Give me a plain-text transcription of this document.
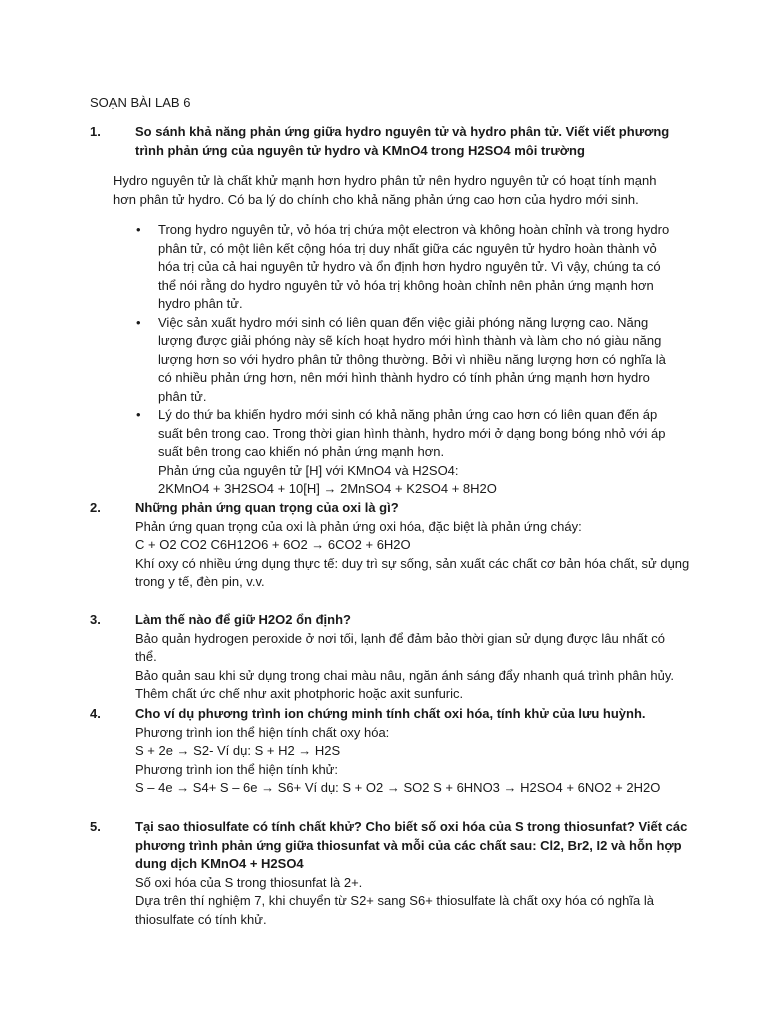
SOẠN BÀI LAB 6
1.	So sánh khả năng phản ứng giữa hydro nguyên tử và hydro phân tử. Viết viết phương trình phản ứng của nguyên tử hydro và KMnO4 trong H2SO4 môi trường
Hydro nguyên tử là chất khử mạnh hơn hydro phân tử nên hydro nguyên tử có hoạt tính mạnh hơn phân tử hydro. Có ba lý do chính cho khả năng phản ứng cao hơn của hydro mới sinh.
• Trong hydro nguyên tử, vỏ hóa trị chứa một electron và không hoàn chỉnh và trong hydro phân tử, có một liên kết cộng hóa trị duy nhất giữa các nguyên tử hydro hoàn thành vỏ hóa trị của cả hai nguyên tử hydro và ổn định hơn hydro nguyên tử. Vì vậy, chúng ta có thể nói rằng do hydro nguyên tử vỏ hóa trị không hoàn chỉnh nên phản ứng mạnh hơn hydro phân tử.
• Việc sản xuất hydro mới sinh có liên quan đến việc giải phóng năng lượng cao. Năng lượng được giải phóng này sẽ kích hoạt hydro mới hình thành và làm cho nó giàu năng lượng hơn so với hydro phân tử thông thường. Bởi vì nhiều năng lượng hơn có nghĩa là có nhiều phản ứng hơn, nên mới hình thành hydro có tính phản ứng mạnh hơn hydro phân tử.
• Lý do thứ ba khiến hydro mới sinh có khả năng phản ứng cao hơn có liên quan đến áp suất bên trong cao. Trong thời gian hình thành, hydro mới ở dạng bong bóng nhỏ với áp suất bên trong cao khiến nó phản ứng mạnh hơn.
Phản ứng của nguyên tử [H] với KMnO4 và H2SO4:
2KMnO4 + 3H2SO4 + 10[H] → 2MnSO4 + K2SO4 + 8H2O
2.	Những phản ứng quan trọng của oxi là gì?
Phản ứng quan trọng của oxi là phản ứng oxi hóa, đặc biệt là phản ứng cháy:
C + O2 CO2 C6H12O6 + 6O2 → 6CO2 + 6H2O
Khí oxy có nhiều ứng dụng thực tế: duy trì sự sống, sản xuất các chất cơ bản hóa chất, sử dụng trong y tế, đèn pin, v.v.
3.	Làm thế nào để giữ H2O2 ổn định?
Bảo quản hydrogen peroxide ở nơi tối, lạnh để đảm bảo thời gian sử dụng được lâu nhất có thể.
Bảo quản sau khi sử dụng trong chai màu nâu, ngăn ánh sáng đẩy nhanh quá trình phân hủy.
Thêm chất ức chế như axit photphoric hoặc axit sunfuric.
4.	Cho ví dụ phương trình ion chứng minh tính chất oxi hóa, tính khử của lưu huỳnh.
Phương trình ion thể hiện tính chất oxy hóa:
S + 2e → S2- Ví dụ: S + H2 → H2S
Phương trình ion thể hiện tính khử:
S – 4e → S4+ S – 6e → S6+ Ví dụ: S + O2 → SO2 S + 6HNO3 → H2SO4 + 6NO2 + 2H2O
5.	Tại sao thiosulfate có tính chất khử? Cho biết số oxi hóa của S trong thiosunfat? Viết các phương trình phản ứng giữa thiosunfat và mỗi của các chất sau: Cl2, Br2, I2 và hỗn hợp dung dịch KMnO4 + H2SO4
Số oxi hóa của S trong thiosunfat là 2+.
Dựa trên thí nghiệm 7, khi chuyển từ S2+ sang S6+ thiosulfate là chất oxy hóa có nghĩa là thiosulfate có tính khử.
